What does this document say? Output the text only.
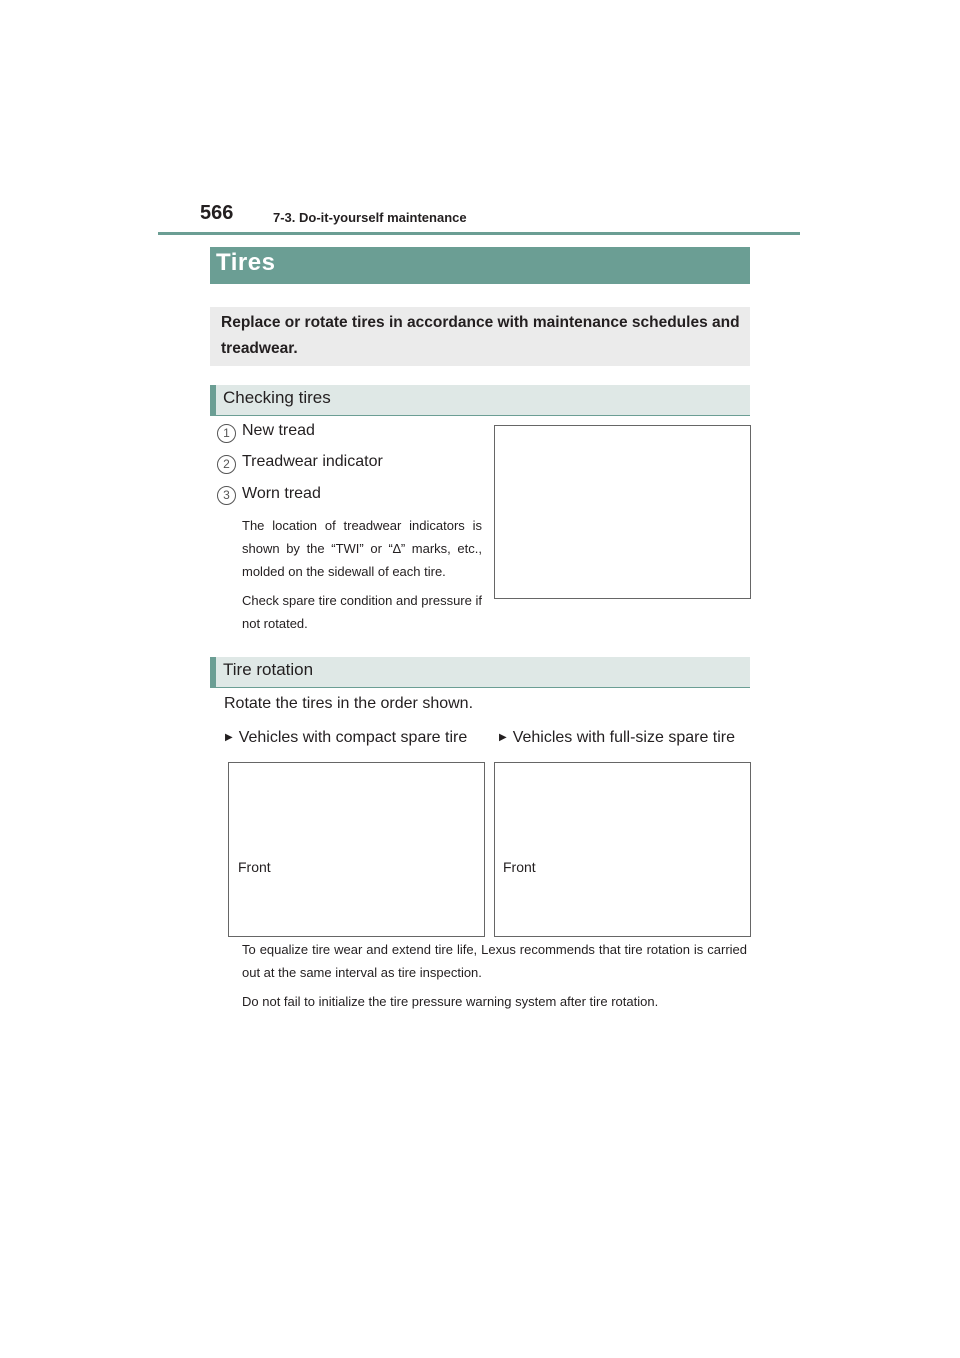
566	7-3. Do-it-yourself maintenance
Tires
Replace or rotate tires in accordance with maintenance schedules and treadwear.
Checking tires
1 New tread
2 Treadwear indicator
3 Worn tread
The location of treadwear indicators is shown by the “TWI” or “∆” marks, etc., molded on the sidewall of each tire.
Check spare tire condition and pressure if not rotated.
Tire rotation
Rotate the tires in the order shown.
▶ Vehicles with compact spare tire	▶ Vehicles with full-size spare tire
Front	Front
To equalize tire wear and extend tire life, Lexus recommends that tire rotation is carried out at the same interval as tire inspection.
Do not fail to initialize the tire pressure warning system after tire rotation.
